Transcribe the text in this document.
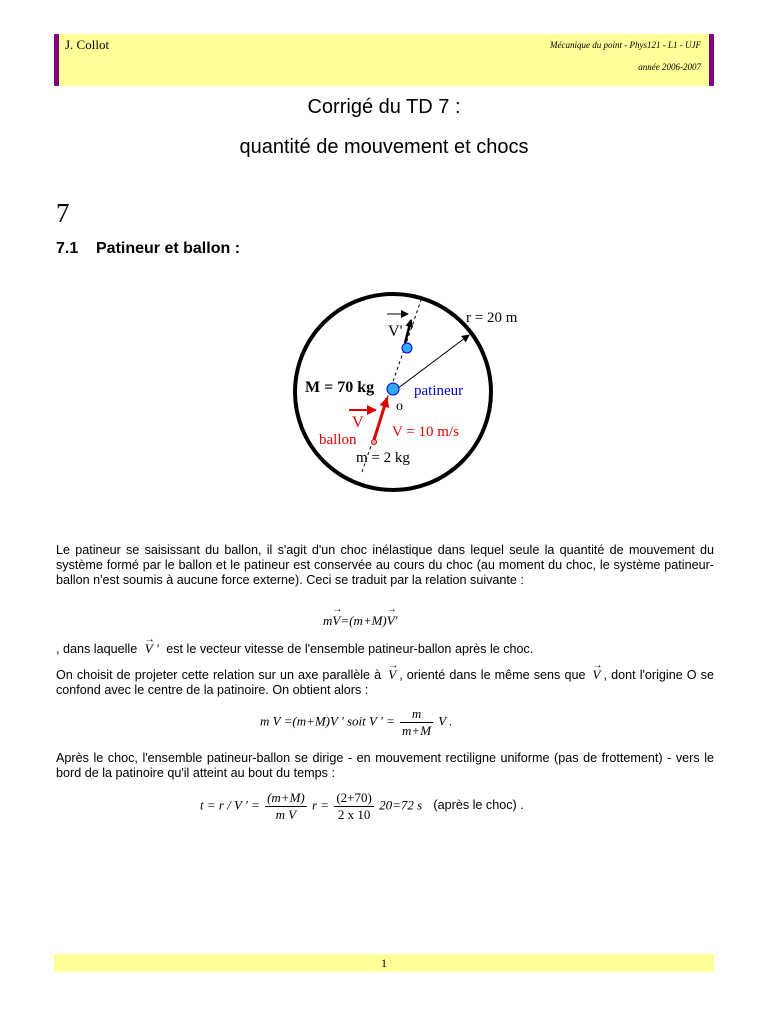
J. Collot	Mécanique du point - Phys121 - L1 - UJF
année 2006-2007
Corrigé du TD 7 :
quantité de mouvement et chocs
7
7.1 Patineur et ballon :
V'
r = 20 m
M = 70 kg	patineur
o
V
ballon V = 10 m/s
m = 2 kg

Le patineur se saisissant du ballon, il s'agit d'un choc inélastique dans lequel seule la quantité de mouvement du système formé par le ballon et le patineur est conservée au cours du choc (au moment du choc, le système patineur-ballon n'est soumis à aucune force externe). Ceci se traduit par la relation suivante :

m→ V=(m+M)→ V'

, dans laquelle → V ' est le vecteur vitesse de l'ensemble patineur-ballon après le choc.

On choisit de projeter cette relation sur un axe parallèle à → V , orienté dans le même sens que → V , dont l'origine O se confond avec le centre de la patinoire. On obtient alors :

m V =(m+M)V ' soit V ' = $\frac{m}{m+M}$ V .

Après le choc, l'ensemble patineur-ballon se dirige - en mouvement rectiligne uniforme (pas de frottement) - vers le bord de la patinoire qu'il atteint au bout du temps :

t = r / V ' = $\frac{(m+M)}{\text{m V}}$ $r = \frac{(2+70)}{2 x 10} 20=72$ s (après le choc) .
1
